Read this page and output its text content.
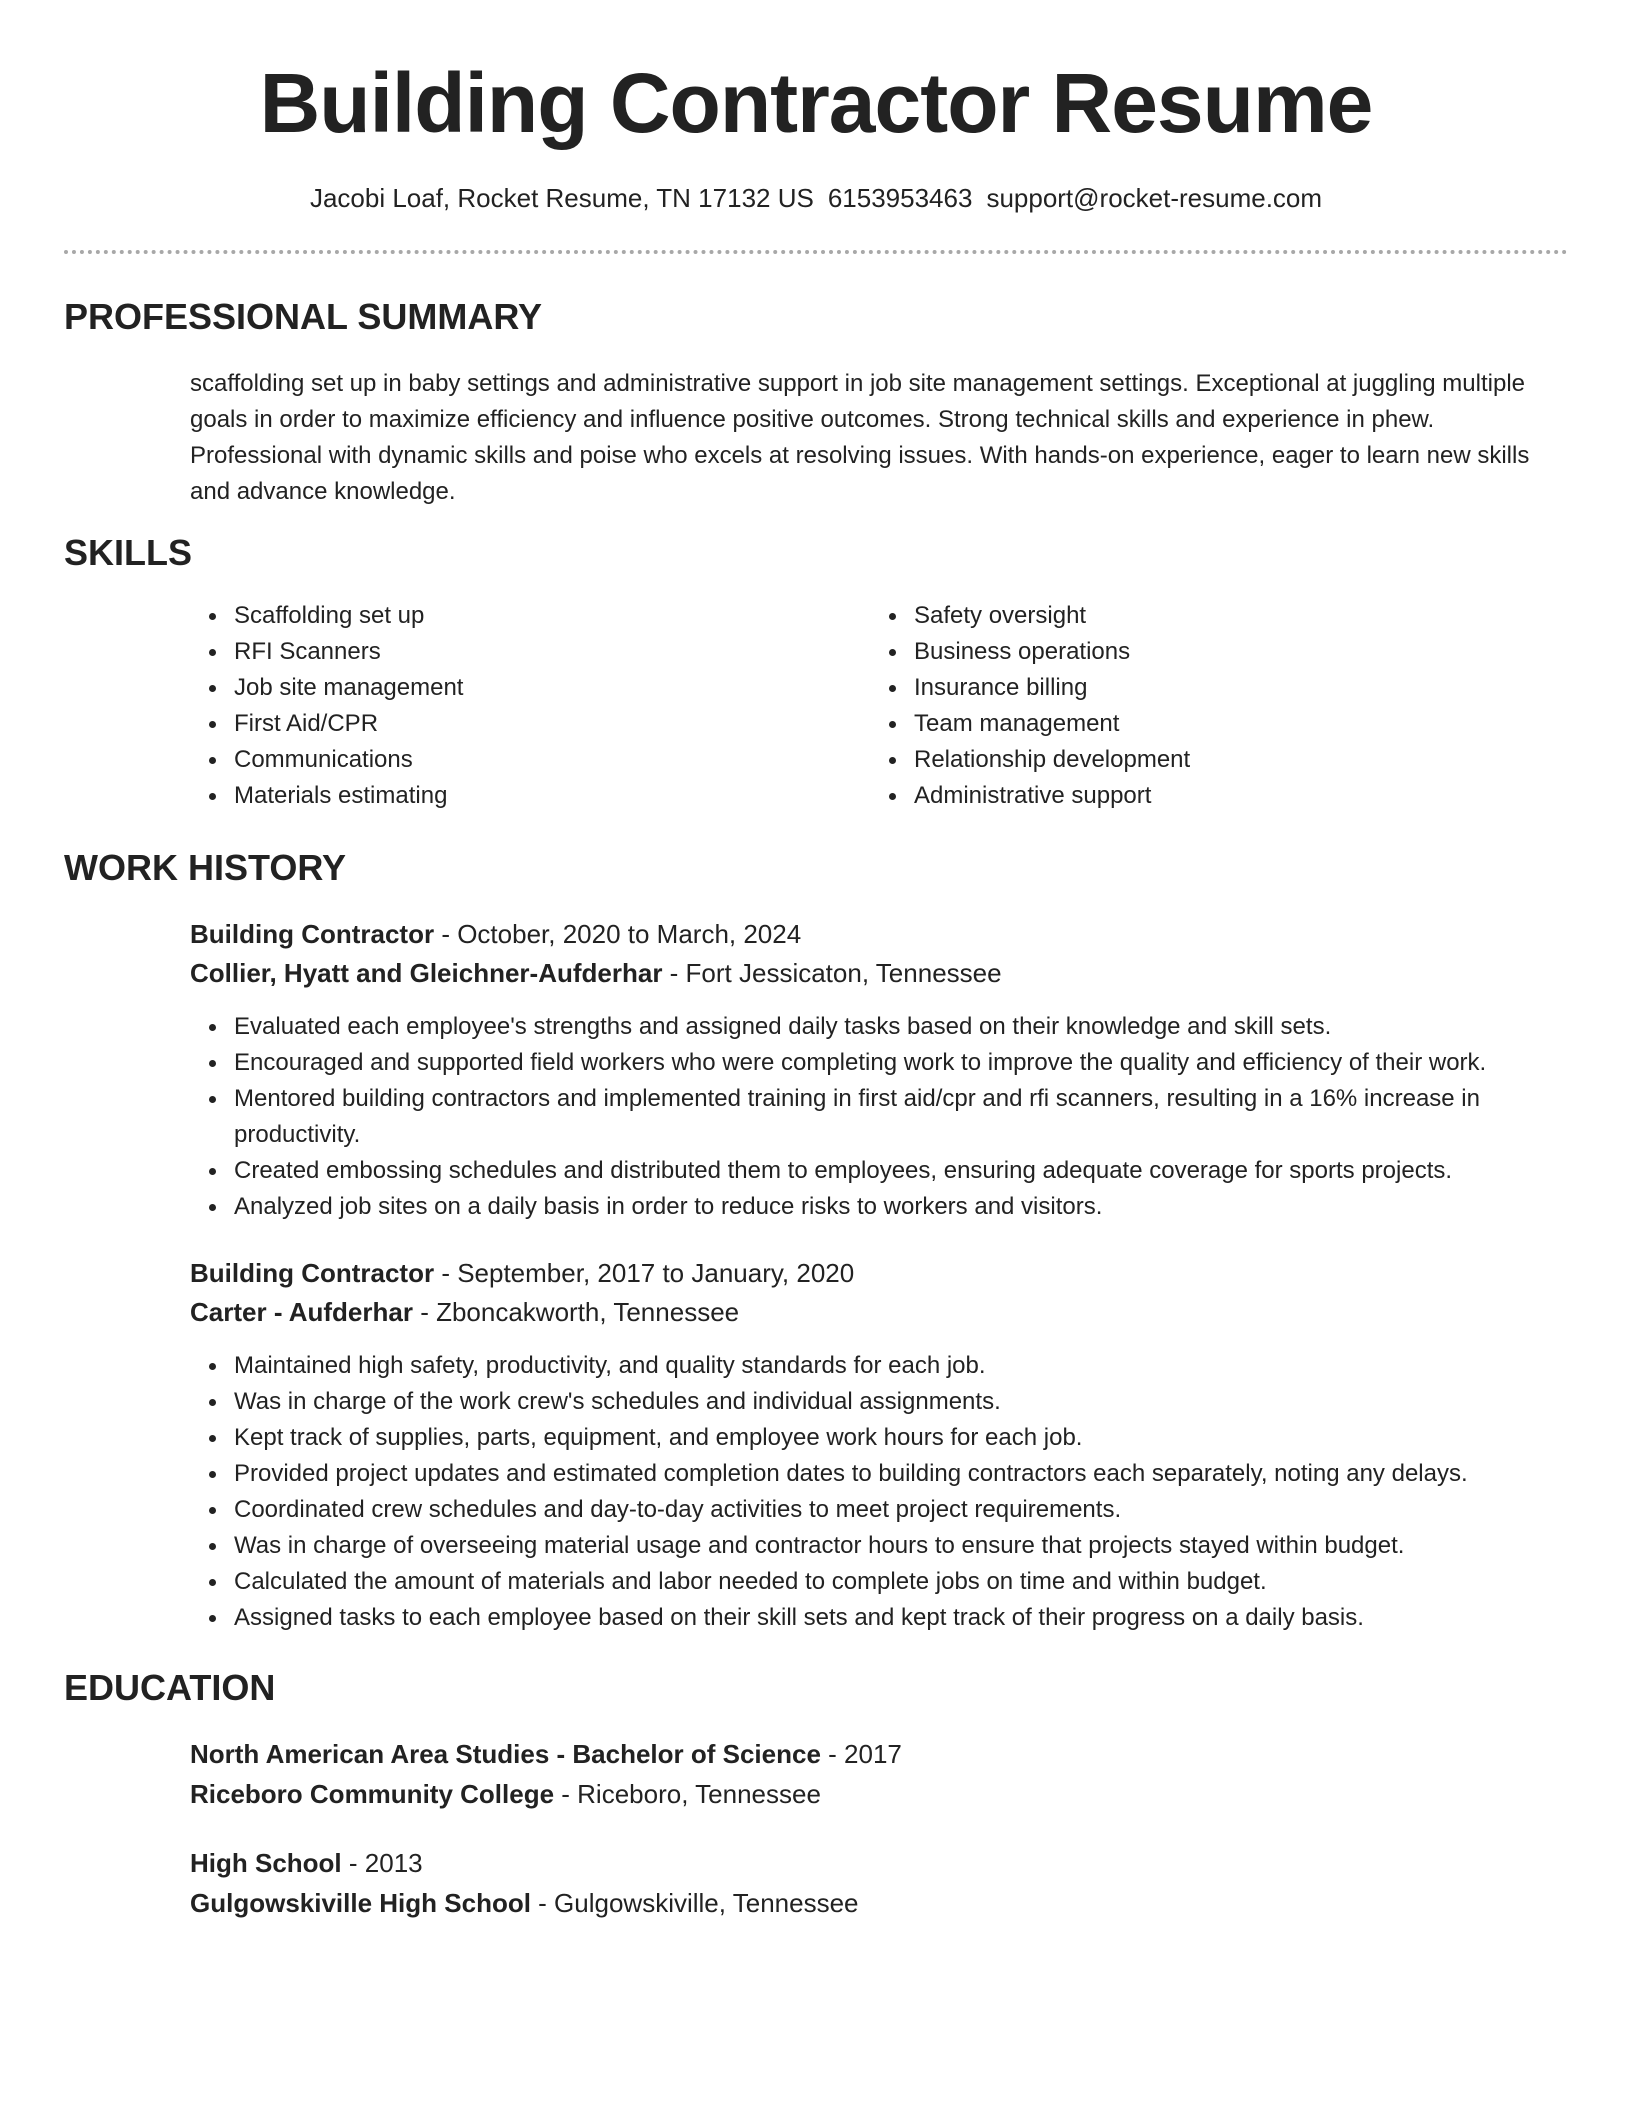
Building Contractor Resume
Jacobi Loaf, Rocket Resume, TN 17132 US 6153953463 support@rocket-resume.com
PROFESSIONAL SUMMARY

scaffolding set up in baby settings and administrative support in job site management settings. Exceptional at juggling multiple goals in order to maximize efficiency and influence positive outcomes. Strong technical skills and experience in phew. Professional with dynamic skills and poise who excels at resolving issues. With hands-on experience, eager to learn new skills and advance knowledge.

SKILLS
Scaffolding set up
RFI Scanners
Job site management
First Aid/CPR
Communications
Materials estimating
Safety oversight
Business operations
Insurance billing
Team management
Relationship development
Administrative support
WORK HISTORY
Building Contractor - October, 2020 to March, 2024
Collier, Hyatt and Gleichner-Aufderhar - Fort Jessicaton, Tennessee
Evaluated each employee's strengths and assigned daily tasks based on their knowledge and skill sets.
Encouraged and supported field workers who were completing work to improve the quality and efficiency of their work.
Mentored building contractors and implemented training in first aid/cpr and rfi scanners, resulting in a 16% increase in productivity.
Created embossing schedules and distributed them to employees, ensuring adequate coverage for sports projects.
Analyzed job sites on a daily basis in order to reduce risks to workers and visitors.
Building Contractor - September, 2017 to January, 2020
Carter - Aufderhar - Zboncakworth, Tennessee
Maintained high safety, productivity, and quality standards for each job.
Was in charge of the work crew's schedules and individual assignments.
Kept track of supplies, parts, equipment, and employee work hours for each job.
Provided project updates and estimated completion dates to building contractors each separately, noting any delays.
Coordinated crew schedules and day-to-day activities to meet project requirements.
Was in charge of overseeing material usage and contractor hours to ensure that projects stayed within budget.
Calculated the amount of materials and labor needed to complete jobs on time and within budget.
Assigned tasks to each employee based on their skill sets and kept track of their progress on a daily basis.
EDUCATION
North American Area Studies - Bachelor of Science - 2017
Riceboro Community College - Riceboro, Tennessee
High School - 2013
Gulgowskiville High School - Gulgowskiville, Tennessee
